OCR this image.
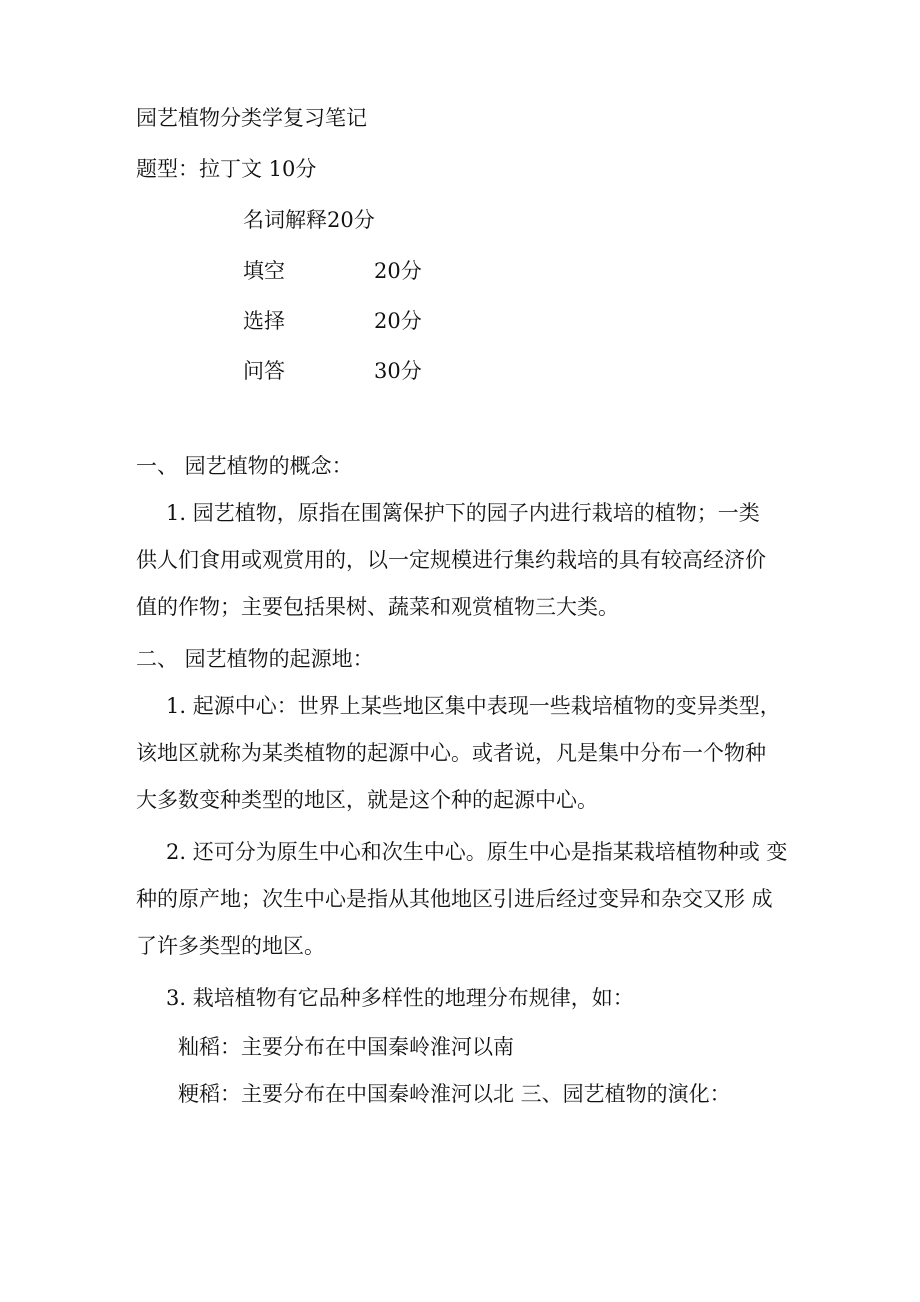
园艺植物分类学复习笔记
题型：拉丁文 10分
名词解释20分
填空	20分
选择	20分
问答	30分
一、 园艺植物的概念：
1. 园艺植物，原指在围篱保护下的园子内进行栽培的植物；一类
供人们食用或观赏用的，以一定规模进行集约栽培的具有较高经济价
值的作物；主要包括果树、蔬菜和观赏植物三大类。
二、 园艺植物的起源地：
1. 起源中心：世界上某些地区集中表现一些栽培植物的变异类型，
该地区就称为某类植物的起源中心。或者说，凡是集中分布一个物种
大多数变种类型的地区，就是这个种的起源中心。
2. 还可分为原生中心和次生中心。原生中心是指某栽培植物种或 变
种的原产地；次生中心是指从其他地区引进后经过变异和杂交又形 成
了许多类型的地区。
3. 栽培植物有它品种多样性的地理分布规律，如：
籼稻：主要分布在中国秦岭淮河以南
粳稻：主要分布在中国秦岭淮河以北 三、园艺植物的演化：
